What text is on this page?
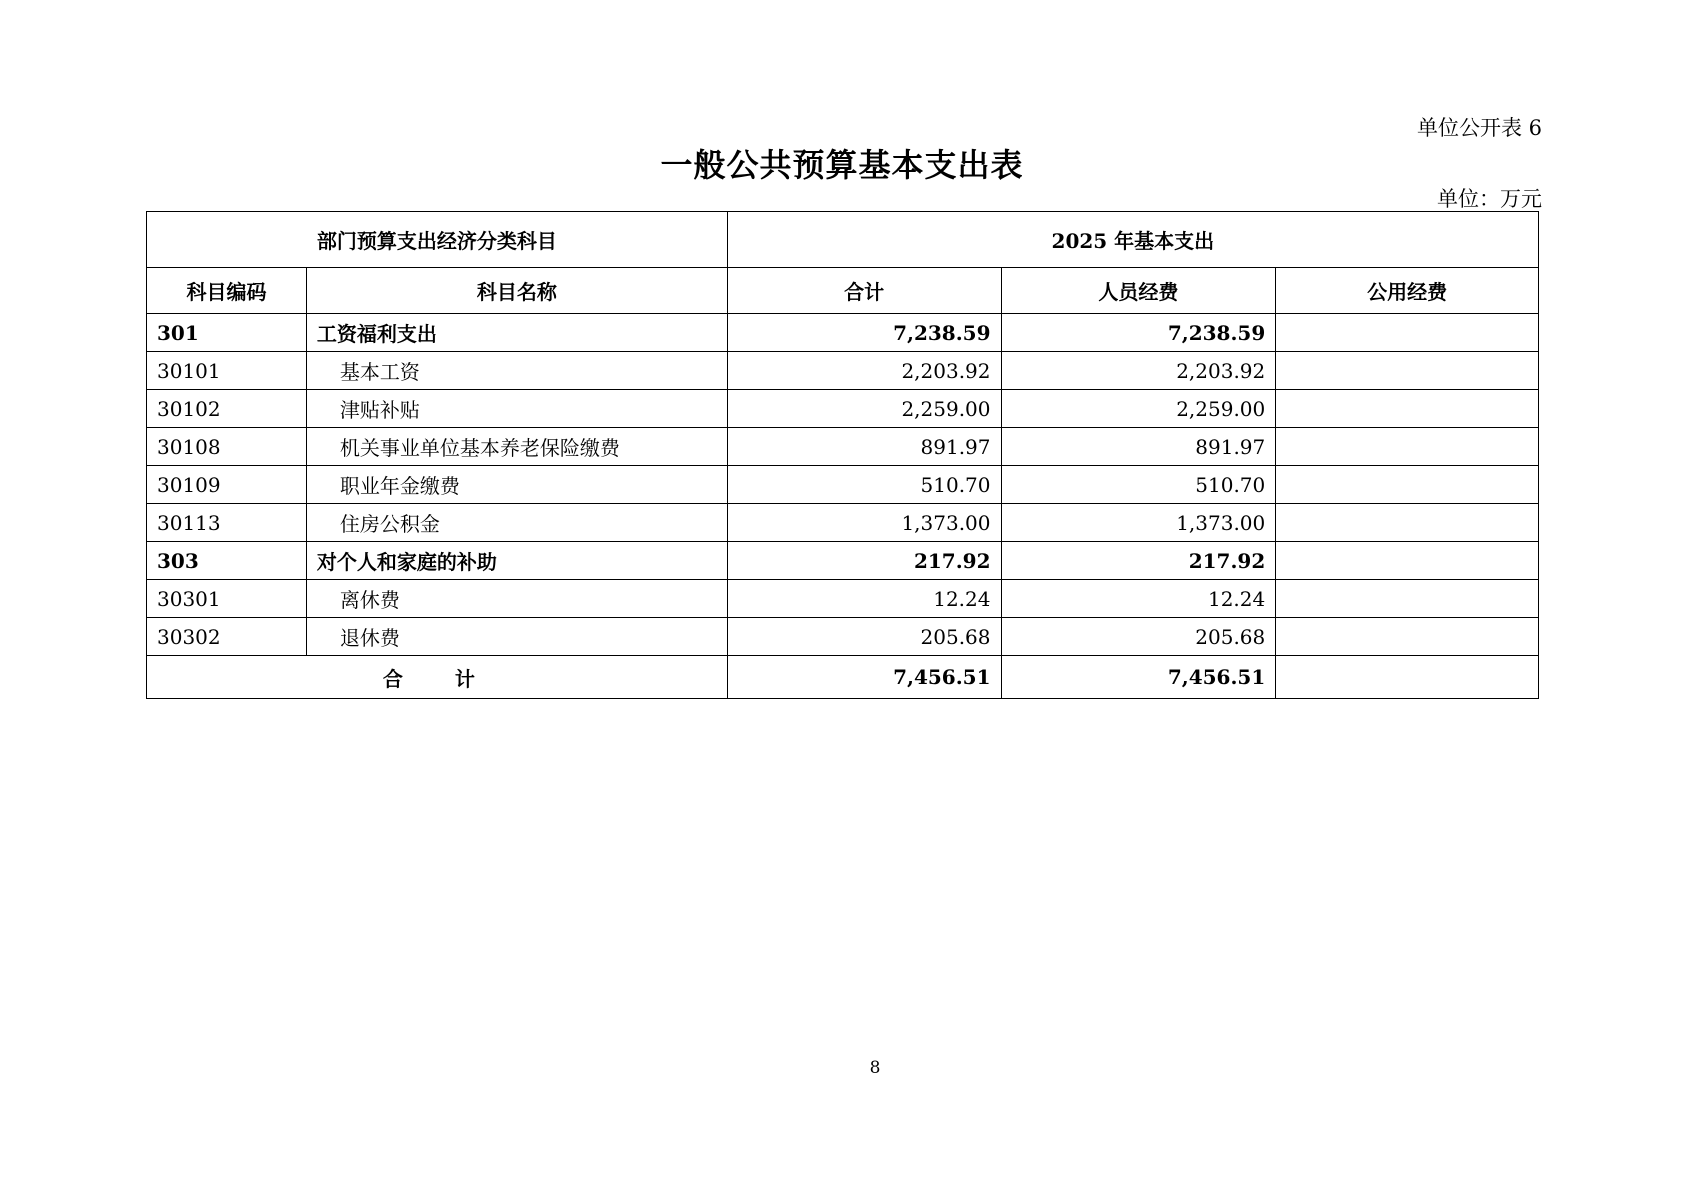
单位公开表 6
一般公共预算基本支出表
单位：万元
部门预算支出经济分类科目		2025 年基本支出		
科目编码	科目名称	合计	人员经费	公用经费
301	工资福利支出	7,238.59	7,238.59	
30101	基本工资	2,203.92	2,203.92	
30102	津贴补贴	2,259.00	2,259.00	
30108	机关事业单位基本养老保险缴费	891.97	891.97	
30109	职业年金缴费	510.70	510.70	
30113	住房公积金	1,373.00	1,373.00	
303	对个人和家庭的补助	217.92	217.92	
30301	离休费	12.24	12.24	
30302	退休费	205.68	205.68	
合　计		7,456.51	7,456.51	
8
